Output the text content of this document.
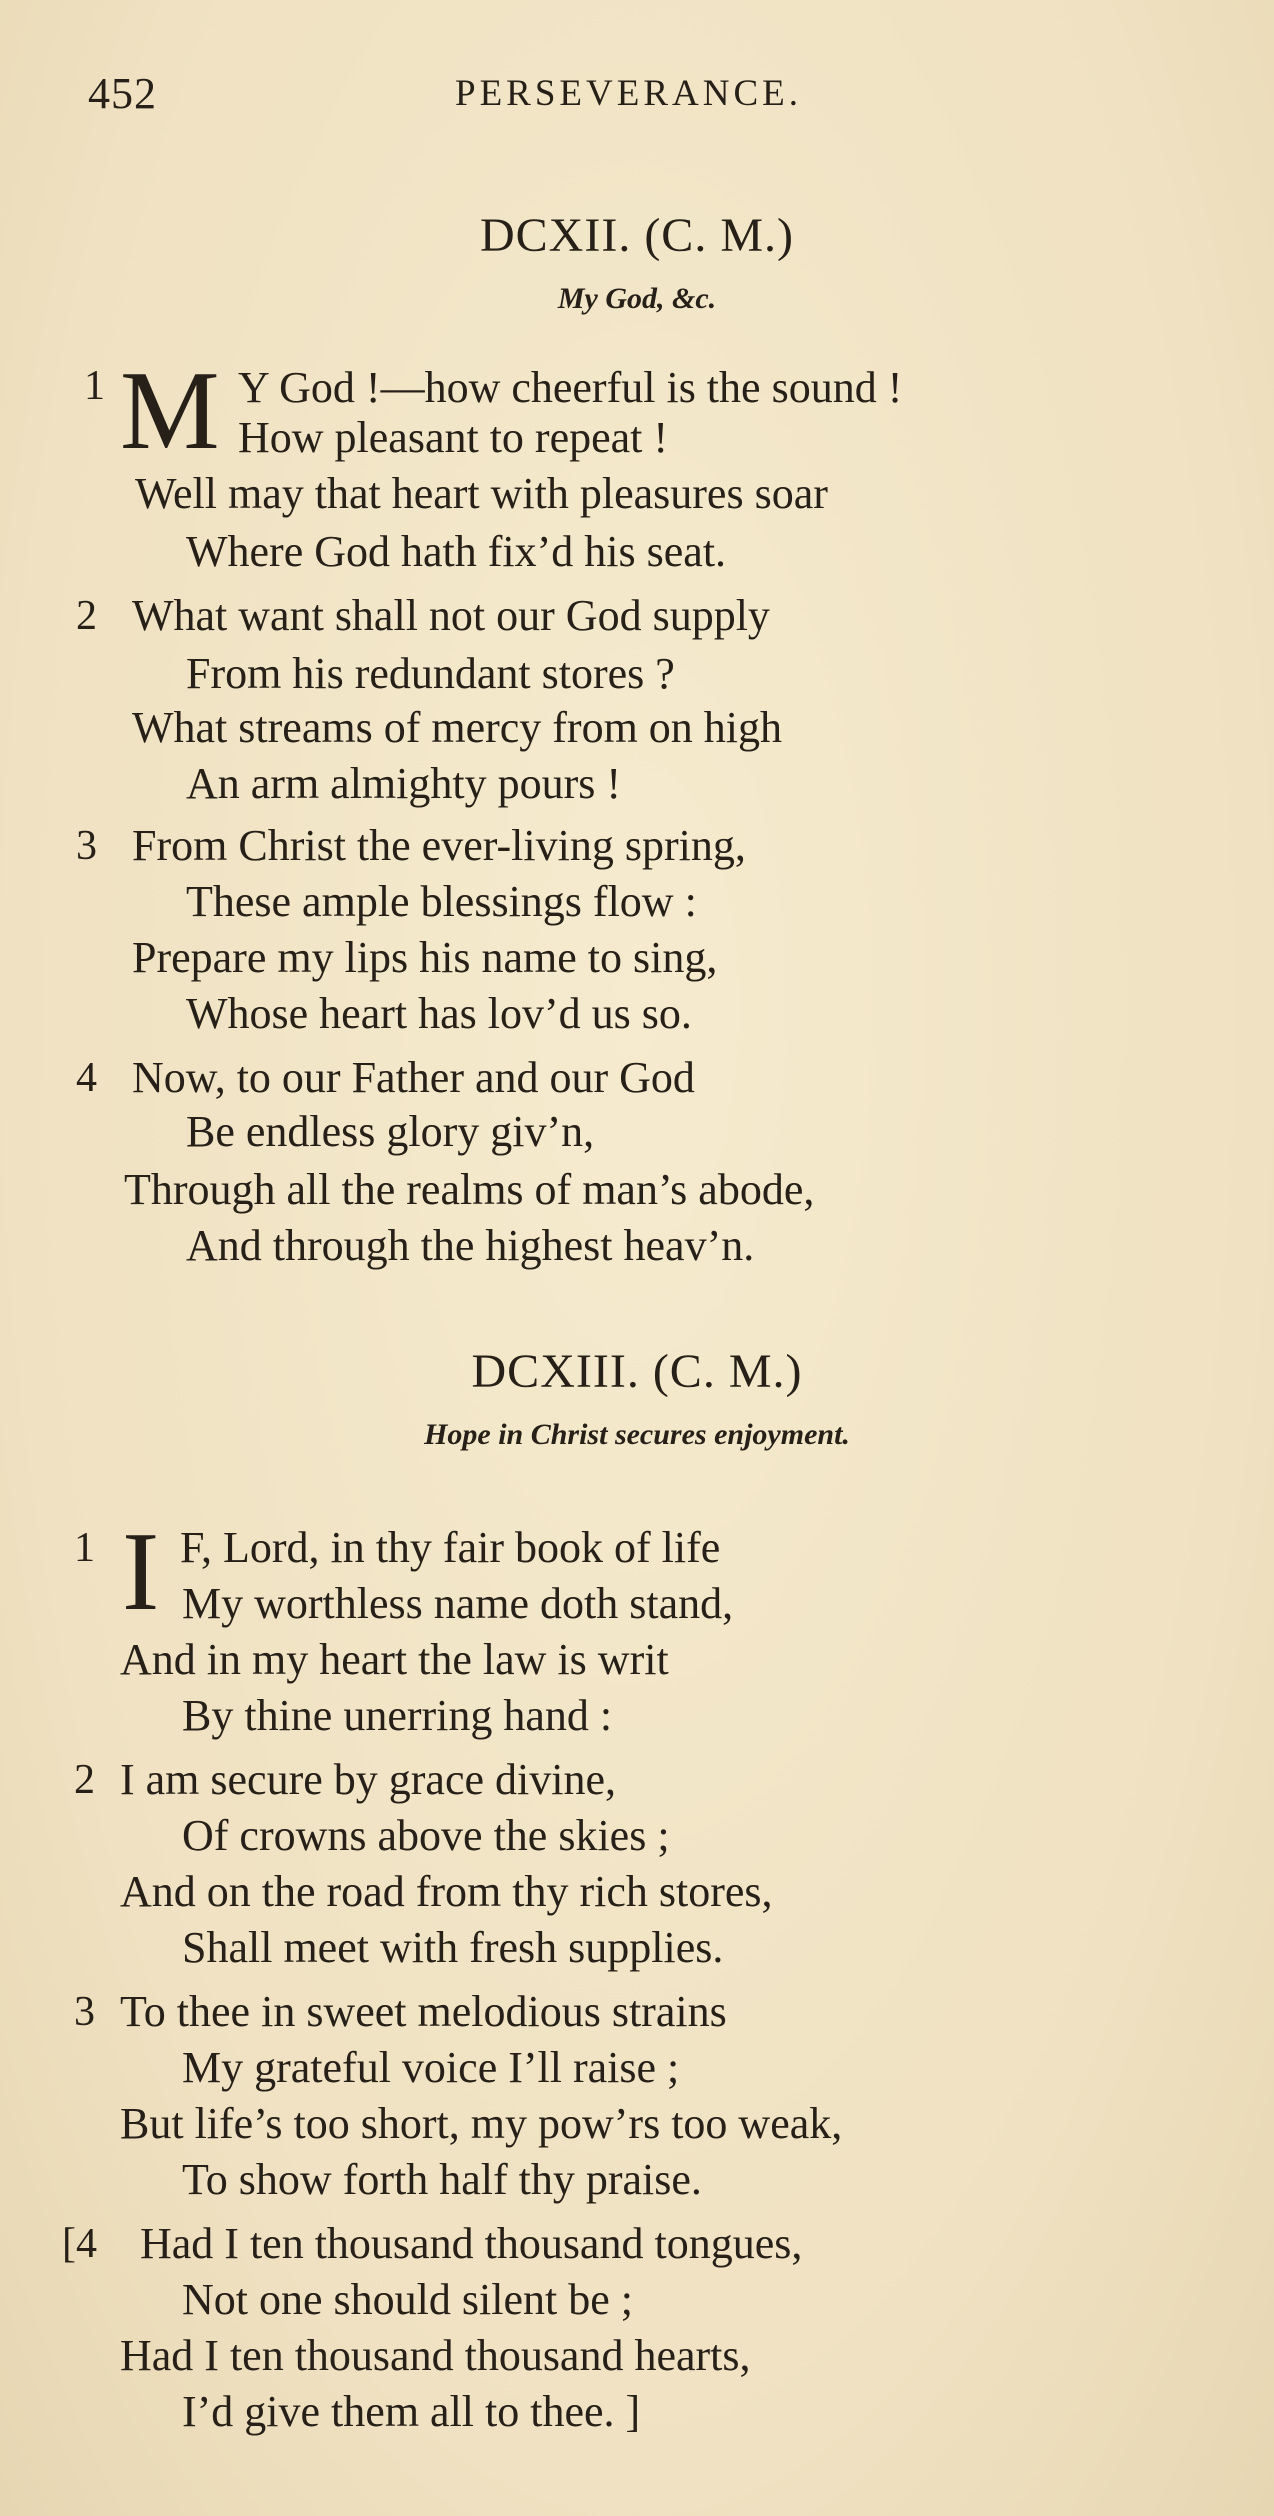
452	PERSEVERANCE.
DCXII. (C. M.)
My God, &c.
1 M Y God !—how cheerful is the sound !
How pleasant to repeat !
Well may that heart with pleasures soar
Where God hath fix’d his seat.
2 What want shall not our God supply
From his redundant stores ?
What streams of mercy from on high
An arm almighty pours !
3 From Christ the ever-living spring,
These ample blessings flow :
Prepare my lips his name to sing,
Whose heart has lov’d us so.
4 Now, to our Father and our God
Be endless glory giv’n,
Through all the realms of man’s abode,
And through the highest heav’n.
DCXIII. (C. M.)
Hope in Christ secures enjoyment.
1 I F, Lord, in thy fair book of life
My worthless name doth stand,
And in my heart the law is writ
By thine unerring hand :
2 I am secure by grace divine,
Of crowns above the skies ;
And on the road from thy rich stores,
Shall meet with fresh supplies.
3 To thee in sweet melodious strains
My grateful voice I’ll raise ;
But life’s too short, my pow’rs too weak,
To show forth half thy praise.
[4 Had I ten thousand thousand tongues,
Not one should silent be ;
Had I ten thousand thousand hearts,
I’d give them all to thee. ]
